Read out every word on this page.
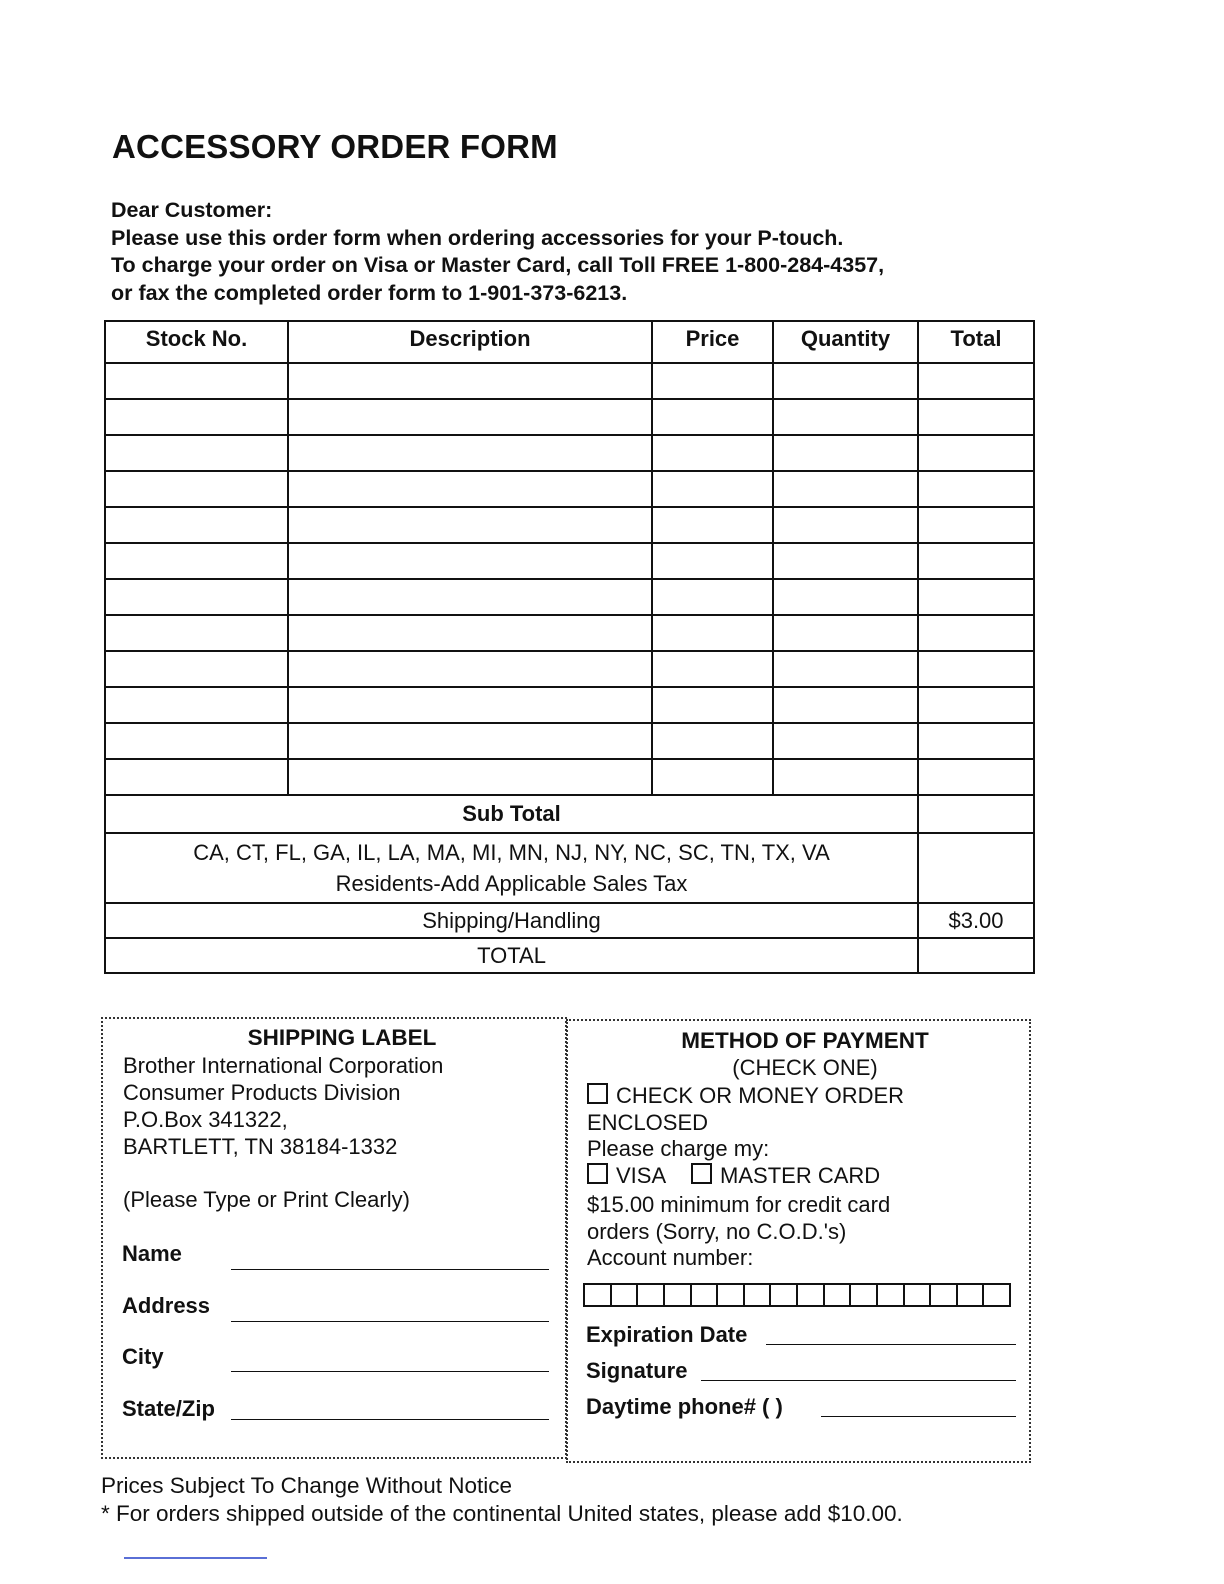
ACCESSORY ORDER FORM
Dear Customer:
Please use this order form when ordering accessories for your P-touch.
To charge your order on Visa or Master Card, call Toll FREE 1-800-284-4357,
or fax the completed order form to 1-901-373-6213.
Stock No.	Description	Price	Quantity	Total

Sub Total				

CA, CT, FL, GA, IL, LA, MA, MI, MN, NJ, NY, NC, SC, TN, TX, VA
Residents-Add Applicable Sales Tax				

Shipping/Handling				$3.00
TOTAL				
SHIPPING LABEL
Brother International Corporation
Consumer Products Division
P.O.Box 341322,
BARTLETT, TN 38184-1332
(Please Type or Print Clearly)
Name
Address
City
State/Zip
METHOD OF PAYMENT
(CHECK ONE)
CHECK OR MONEY ORDER
ENCLOSED
Please charge my:
VISA	MASTER CARD
$15.00 minimum for credit card
orders (Sorry, no C.O.D.'s)
Account number:
Expiration Date
Signature
Daytime phone# ( )
Prices Subject To Change Without Notice
* For orders shipped outside of the continental United states, please add $10.00.
